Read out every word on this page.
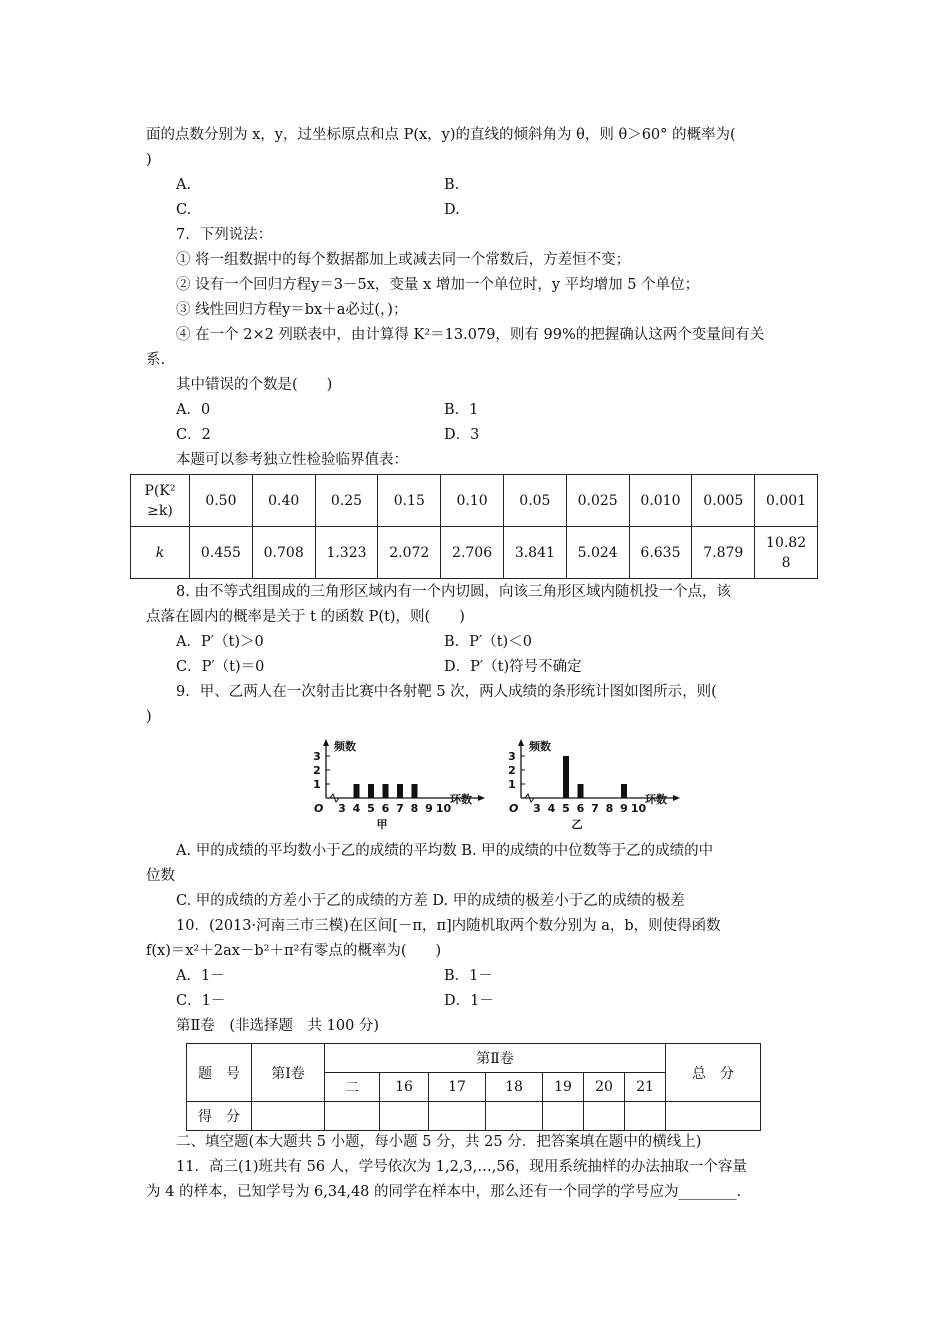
面的点数分别为 x，y，过坐标原点和点 P(x，y)的直线的倾斜角为 θ，则 θ＞60° 的概率为(
)
A.	B.
C.	D.
7．下列说法：
① 将一组数据中的每个数据都加上或减去同一个常数后，方差恒不变；
② 设有一个回归方程y＝3－5x，变量 x 增加一个单位时，y 平均增加 5 个单位；
③ 线性回归方程y＝bx＋a必过(，)；
④ 在一个 2×2 列联表中，由计算得 K²＝13.079，则有 99%的把握确认这两个变量间有关
系.
其中错误的个数是(　　)
A．0	B．1
C．2	D．3
本题可以参考独立性检验临界值表：
P(K²
≥k)	0.50	0.40	0.25	0.15	0.10	0.05	0.025	0.010	0.005	0.001
k	0.455	0.708	1.323	2.072	2.706	3.841	5.024	6.635	7.879	10.82
8
8. 由不等式组围成的三角形区域内有一个内切圆，向该三角形区域内随机投一个点，该
点落在圆内的概率是关于 t 的函数 P(t)，则(　　)
A．P′（t)＞0	B．P′（t)＜0
C．P′（t)＝0	D．P′（t)符号不确定
9．甲、乙两人在一次射击比赛中各射靶 5 次，两人成绩的条形统计图如图所示，则(
)
1
2
3
3 4 5 6 7 8 9 10
频数
环数
O
甲
1
2
3
3 4 5 6 7 8 9 10
频数
环数
O
乙
A. 甲的成绩的平均数小于乙的成绩的平均数 B. 甲的成绩的中位数等于乙的成绩的中
位数
C. 甲的成绩的方差小于乙的成绩的方差 D. 甲的成绩的极差小于乙的成绩的极差
10．(2013·河南三市三模)在区间[－π，π]内随机取两个数分别为 a，b，则使得函数
f(x)＝x²＋2ax－b²＋π²有零点的概率为(　　)
A．1－	B．1－
C．1－	D．1－
第Ⅱ卷　(非选择题　共 100 分)
题　号	第Ⅰ卷	第Ⅱ卷							总　分
		二	16	17	18	19	20	21	
得　分									
二、填空题(本大题共 5 小题，每小题 5 分，共 25 分．把答案填在题中的横线上)
11．高三(1)班共有 56 人，学号依次为 1,2,3,…,56，现用系统抽样的办法抽取一个容量
为 4 的样本，已知学号为 6,34,48 的同学在样本中，那么还有一个同学的学号应为________.
